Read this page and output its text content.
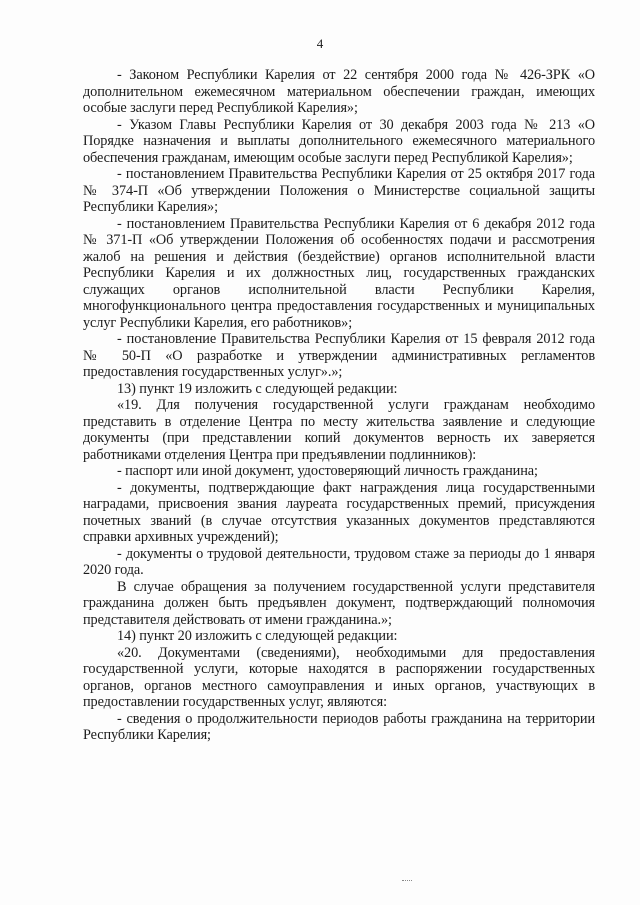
4

- Законом Республики Карелия от 22 сентября 2000 года № 426-ЗРК «О дополнительном ежемесячном материальном обеспечении граждан, имеющих особые заслуги перед Республикой Карелия»;

- Указом Главы Республики Карелия от 30 декабря 2003 года № 213 «О Порядке назначения и выплаты дополнительного ежемесячного материального обеспечения гражданам, имеющим особые заслуги перед Республикой Карелия»;

- постановлением Правительства Республики Карелия от 25 октября 2017 года № 374-П «Об утверждении Положения о Министерстве социальной защиты Республики Карелия»;

- постановлением Правительства Республики Карелия от 6 декабря 2012 года № 371-П «Об утверждении Положения об особенностях подачи и рассмотрения жалоб на решения и действия (бездействие) органов исполнительной власти Республики Карелия и их должностных лиц, государственных гражданских служащих органов исполнительной власти Республики Карелия, многофункционального центра предоставления государственных и муниципальных услуг Республики Карелия, его работников»;

- постановление Правительства Республики Карелия от 15 февраля 2012 года № 50-П «О разработке и утверждении административных регламентов предоставления государственных услуг».»;

13) пункт 19 изложить с следующей редакции:

«19. Для получения государственной услуги гражданам необходимо представить в отделение Центра по месту жительства заявление и следующие документы (при представлении копий документов верность их заверяется работниками отделения Центра при предъявлении подлинников):

- паспорт или иной документ, удостоверяющий личность гражданина;

- документы, подтверждающие факт награждения лица государственными наградами, присвоения звания лауреата государственных премий, присуждения почетных званий (в случае отсутствия указанных документов представляются справки архивных учреждений);

- документы о трудовой деятельности, трудовом стаже за периоды до 1 января 2020 года.

В случае обращения за получением государственной услуги представителя гражданина должен быть предъявлен документ, подтверждающий полномочия представителя действовать от имени гражданина.»;

14) пункт 20 изложить с следующей редакции:

«20. Документами (сведениями), необходимыми для предоставления государственной услуги, которые находятся в распоряжении государственных органов, органов местного самоуправления и иных органов, участвующих в предоставлении государственных услуг, являются:

- сведения о продолжительности периодов работы гражданина на территории Республики Карелия;
